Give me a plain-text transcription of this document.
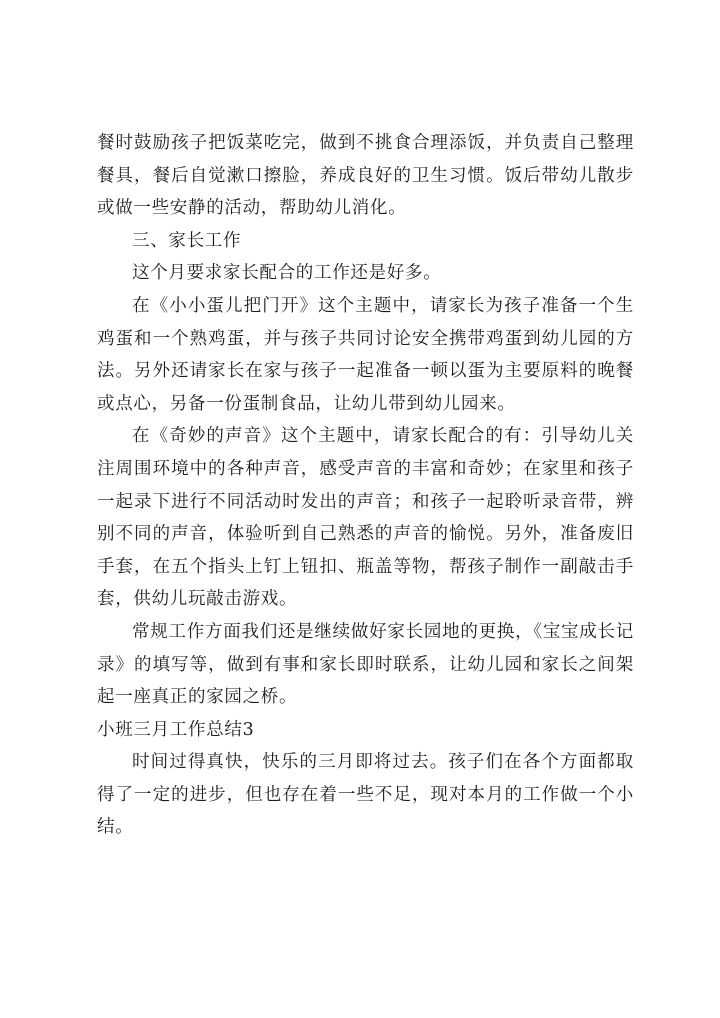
餐时鼓励孩子把饭菜吃完，做到不挑食合理添饭，并负责自己整理餐具，餐后自觉漱口擦脸，养成良好的卫生习惯。饭后带幼儿散步或做一些安静的活动，帮助幼儿消化。

三、家长工作

这个月要求家长配合的工作还是好多。

在《小小蛋儿把门开》这个主题中，请家长为孩子准备一个生鸡蛋和一个熟鸡蛋，并与孩子共同讨论安全携带鸡蛋到幼儿园的方法。另外还请家长在家与孩子一起准备一顿以蛋为主要原料的晚餐或点心，另备一份蛋制食品，让幼儿带到幼儿园来。

在《奇妙的声音》这个主题中，请家长配合的有：引导幼儿关注周围环境中的各种声音，感受声音的丰富和奇妙；在家里和孩子一起录下进行不同活动时发出的声音；和孩子一起聆听录音带，辨别不同的声音，体验听到自己熟悉的声音的愉悦。另外，准备废旧手套，在五个指头上钉上钮扣、瓶盖等物，帮孩子制作一副敲击手套，供幼儿玩敲击游戏。

常规工作方面我们还是继续做好家长园地的更换，《宝宝成长记录》的填写等，做到有事和家长即时联系，让幼儿园和家长之间架起一座真正的家园之桥。

小班三月工作总结3

时间过得真快，快乐的三月即将过去。孩子们在各个方面都取得了一定的进步，但也存在着一些不足，现对本月的工作做一个小结。
